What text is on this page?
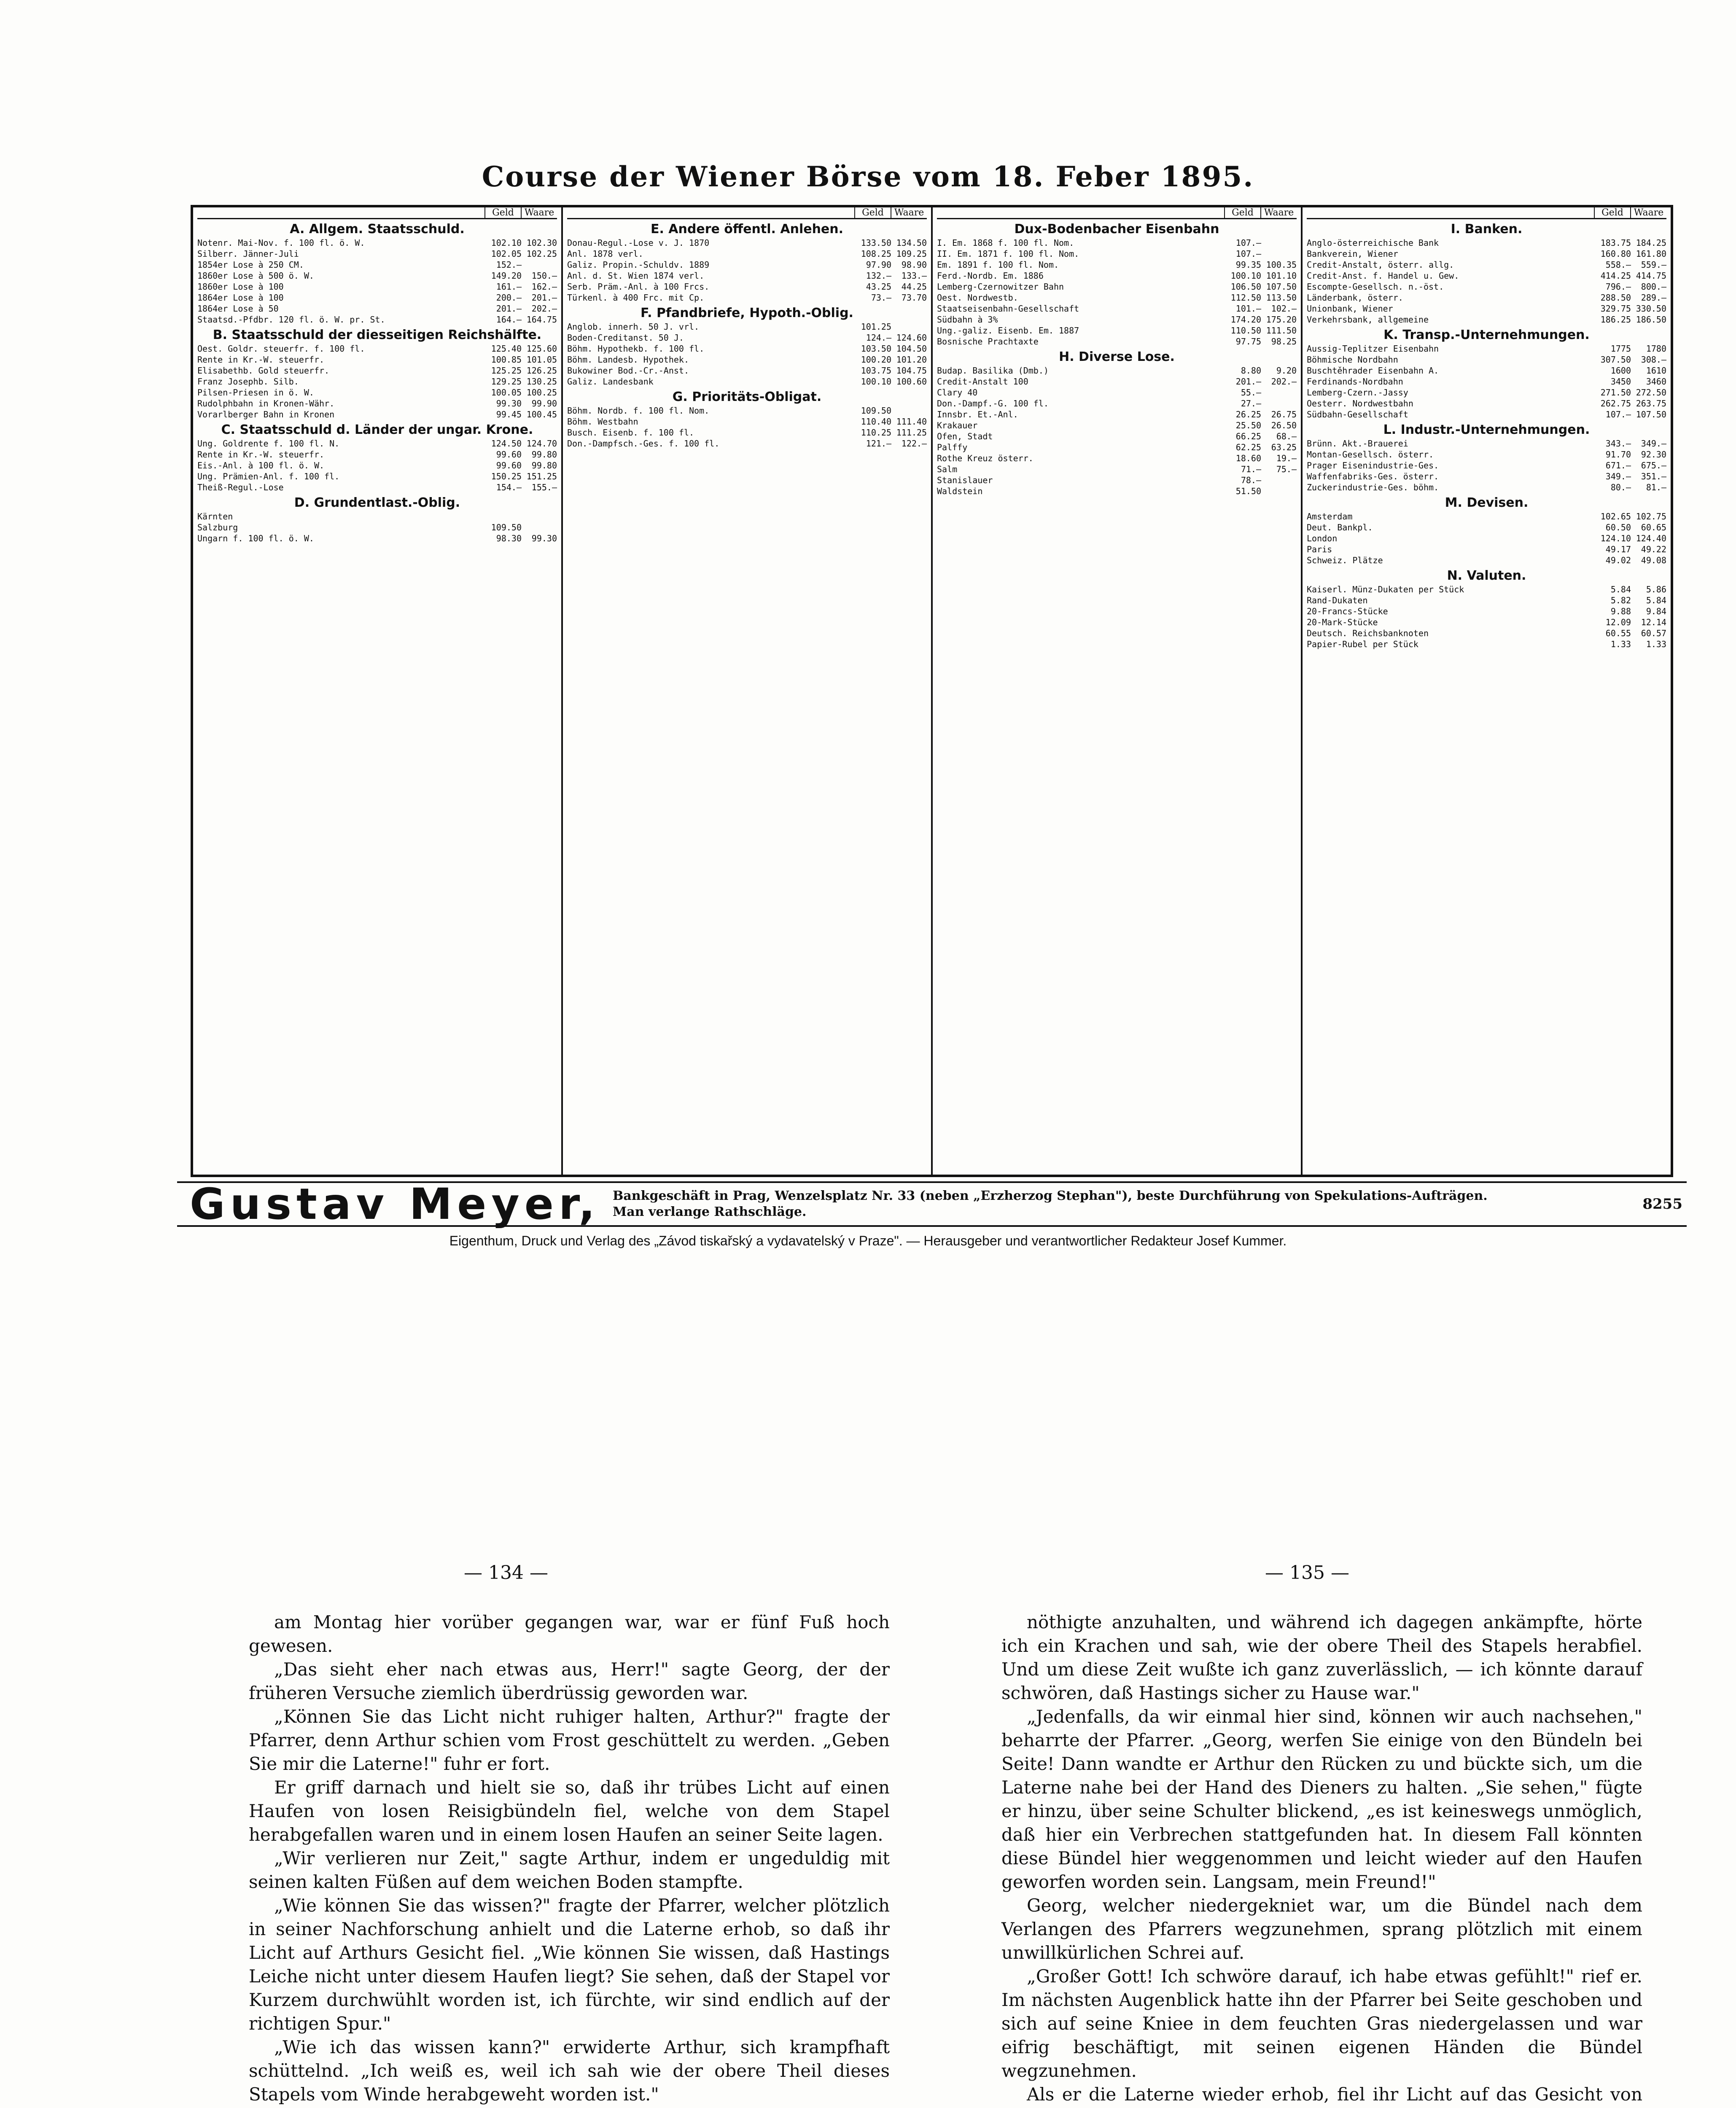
Course der Wiener Börse vom 18. Feber 1895.
Geld	Waare
A. Allgem. Staatsschuld.
Notenr. Mai-Nov. f. 100 fl. ö. W.	102.10 102.30
Silberr. Jänner-Juli	102.05 102.25
1854er Lose à 250 CM.	152.—
1860er Lose à 500 ö. W.	149.20	150.—
1860er Lose à 100	161.—	162.—
1864er Lose à 100	200.—	201.—
1864er Lose à 50	201.—	202.—
Staatsd.-Pfdbr. 120 fl. ö. W. pr. St.	164.— 164.75
B. Staatsschuld der diesseitigen Reichshälfte.
Oest. Goldr. steuerfr. f. 100 fl.	125.40 125.60
Rente in Kr.-W. steuerfr.	100.85 101.05
Elisabethb. Gold steuerfr.	125.25 126.25
Franz Josephb. Silb.	129.25 130.25
Pilsen-Priesen in ö. W.	100.05 100.25
Rudolphbahn in Kronen-Währ.	99.30	99.90
Vorarlberger Bahn in Kronen	99.45 100.45
C. Staatsschuld d. Länder der ungar. Krone.
Ung. Goldrente f. 100 fl. N.	124.50 124.70
Rente in Kr.-W. steuerfr.	99.60	99.80
Eis.-Anl. à 100 fl. ö. W.	99.60	99.80
Ung. Prämien-Anl. f. 100 fl.	150.25 151.25
Theiß-Regul.-Lose	154.—	155.—
D. Grundentlast.-Oblig.
Kärnten
Salzburg	109.50
Ungarn f. 100 fl. ö. W.	98.30	99.30
Geld	Waare
E. Andere öffentl. Anlehen.
Donau-Regul.-Lose v. J. 1870	133.50 134.50
Anl. 1878 verl.	108.25 109.25
Galiz. Propin.-Schuldv. 1889	97.90	98.90
Anl. d. St. Wien 1874 verl.	132.—	133.—
Serb. Präm.-Anl. à 100 Frcs.	43.25	44.25
Türkenl. à 400 Frc. mit Cp.	73.—	73.70
F. Pfandbriefe, Hypoth.-Oblig.
Anglob. innerh. 50 J. vrl.	101.25
Boden-Creditanst. 50 J.	124.— 124.60
Böhm. Hypothekb. f. 100 fl.	103.50 104.50
Böhm. Landesb. Hypothek.	100.20 101.20
Bukowiner Bod.-Cr.-Anst.	103.75 104.75
Galiz. Landesbank	100.10 100.60
G. Prioritäts-Obligat.
Böhm. Nordb. f. 100 fl. Nom.	109.50
Böhm. Westbahn	110.40 111.40
Busch. Eisenb. f. 100 fl.	110.25 111.25
Don.-Dampfsch.-Ges. f. 100 fl.	121.—	122.—
Geld	Waare
Dux-Bodenbacher Eisenbahn
I. Em. 1868 f. 100 fl. Nom.	107.—
II. Em. 1871 f. 100 fl. Nom.	107.—
Em. 1891 f. 100 fl. Nom.	99.35 100.35
Ferd.-Nordb. Em. 1886	100.10 101.10
Lemberg-Czernowitzer Bahn	106.50 107.50
Oest. Nordwestb.	112.50 113.50
Staatseisenbahn-Gesellschaft	101.—	102.—
Südbahn à 3%	174.20 175.20
Ung.-galiz. Eisenb. Em. 1887	110.50 111.50
Bosnische Prachtaxte	97.75	98.25
H. Diverse Lose.
Budap. Basilika (Dmb.)	8.80	9.20
Credit-Anstalt 100	201.—	202.—
Clary 40	55.—
Don.-Dampf.-G. 100 fl.	27.—
Innsbr. Et.-Anl.	26.25	26.75
Krakauer	25.50	26.50
Ofen, Stadt	66.25	68.—
Palffy	62.25	63.25
Rothe Kreuz österr.	18.60	19.—
Salm	71.—	75.—
Stanislauer	78.—
Waldstein	51.50
Geld	Waare
I. Banken.
Anglo-österreichische Bank	183.75 184.25
Bankverein, Wiener	160.80 161.80
Credit-Anstalt, österr. allg.	558.—	559.—
Credit-Anst. f. Handel u. Gew.	414.25 414.75
Escompte-Gesellsch. n.-öst.	796.—	800.—
Länderbank, österr.	288.50	289.—
Unionbank, Wiener	329.75 330.50
Verkehrsbank, allgemeine	186.25 186.50
K. Transp.-Unternehmungen.
Aussig-Teplitzer Eisenbahn	1775	1780
Böhmische Nordbahn	307.50	308.—
Buschtěhrader Eisenbahn A.	1600	1610
Ferdinands-Nordbahn	3450	3460
Lemberg-Czern.-Jassy	271.50 272.50
Oesterr. Nordwestbahn	262.75 263.75
Südbahn-Gesellschaft	107.— 107.50
L. Industr.-Unternehmungen.
Brünn. Akt.-Brauerei	343.—	349.—
Montan-Gesellsch. österr.	91.70	92.30
Prager Eisenindustrie-Ges.	671.—	675.—
Waffenfabriks-Ges. österr.	349.—	351.—
Zuckerindustrie-Ges. böhm.	80.—	81.—
M. Devisen.
Amsterdam	102.65 102.75
Deut. Bankpl.	60.50	60.65
London	124.10 124.40
Paris	49.17	49.22
Schweiz. Plätze	49.02	49.08
N. Valuten.
Kaiserl. Münz-Dukaten per Stück	5.84	5.86
Rand-Dukaten	5.82	5.84
20-Francs-Stücke	9.88	9.84
20-Mark-Stücke	12.09	12.14
Deutsch. Reichsbanknoten	60.55	60.57
Papier-Rubel per Stück	1.33	1.33
Gustav Meyer,	Bankgeschäft in Prag, Wenzelsplatz Nr. 33 (neben „Erzherzog Stephan"), beste Durchführung von Spekulations-Aufträgen.
Man verlange Rathschläge.	8255
Eigenthum, Druck und Verlag des „Závod tiskařský a vydavatelský v Praze". — Herausgeber und verantwortlicher Redakteur Josef Kummer.
— 134 —	— 135 —

am Montag hier vorüber gegangen war, war er fünf Fuß hoch gewesen.

„Das sieht eher nach etwas aus, Herr!" sagte Georg, der der früheren Versuche ziemlich überdrüssig geworden war.

„Können Sie das Licht nicht ruhiger halten, Arthur?" fragte der Pfarrer, denn Arthur schien vom Frost geschüttelt zu werden. „Geben Sie mir die Laterne!" fuhr er fort.

Er griff darnach und hielt sie so, daß ihr trübes Licht auf einen Haufen von losen Reisigbündeln fiel, welche von dem Stapel herabgefallen waren und in einem losen Haufen an seiner Seite lagen.

„Wir verlieren nur Zeit," sagte Arthur, indem er ungeduldig mit seinen kalten Füßen auf dem weichen Boden stampfte.

„Wie können Sie das wissen?" fragte der Pfarrer, welcher plötzlich in seiner Nachforschung anhielt und die Laterne erhob, so daß ihr Licht auf Arthurs Gesicht fiel. „Wie können Sie wissen, daß Hastings Leiche nicht unter diesem Haufen liegt? Sie sehen, daß der Stapel vor Kurzem durchwühlt worden ist, ich fürchte, wir sind endlich auf der richtigen Spur."

„Wie ich das wissen kann?" erwiderte Arthur, sich krampfhaft schüttelnd. „Ich weiß es, weil ich sah wie der obere Theil dieses Stapels vom Winde herabgeweht worden ist."

nöthigte anzuhalten, und während ich dagegen ankämpfte, hörte ich ein Krachen und sah, wie der obere Theil des Stapels herabfiel. Und um diese Zeit wußte ich ganz zuverlässlich, — ich könnte darauf schwören, daß Hastings sicher zu Hause war."

„Jedenfalls, da wir einmal hier sind, können wir auch nachsehen," beharrte der Pfarrer. „Georg, werfen Sie einige von den Bündeln bei Seite! Dann wandte er Arthur den Rücken zu und bückte sich, um die Laterne nahe bei der Hand des Dieners zu halten. „Sie sehen," fügte er hinzu, über seine Schulter blickend, „es ist keineswegs unmöglich, daß hier ein Verbrechen stattgefunden hat. In diesem Fall könnten diese Bündel hier weggenommen und leicht wieder auf den Haufen geworfen worden sein. Langsam, mein Freund!"

Georg, welcher niedergekniet war, um die Bündel nach dem Verlangen des Pfarrers wegzunehmen, sprang plötzlich mit einem unwillkürlichen Schrei auf.

„Großer Gott! Ich schwöre darauf, ich habe etwas gefühlt!" rief er. Im nächsten Augenblick hatte ihn der Pfarrer bei Seite geschoben und sich auf seine Kniee in dem feuchten Gras niedergelassen und war eifrig beschäftigt, mit seinen eigenen Händen die Bündel wegzunehmen.

Als er die Laterne wieder erhob, fiel ihr Licht auf das Gesicht von
